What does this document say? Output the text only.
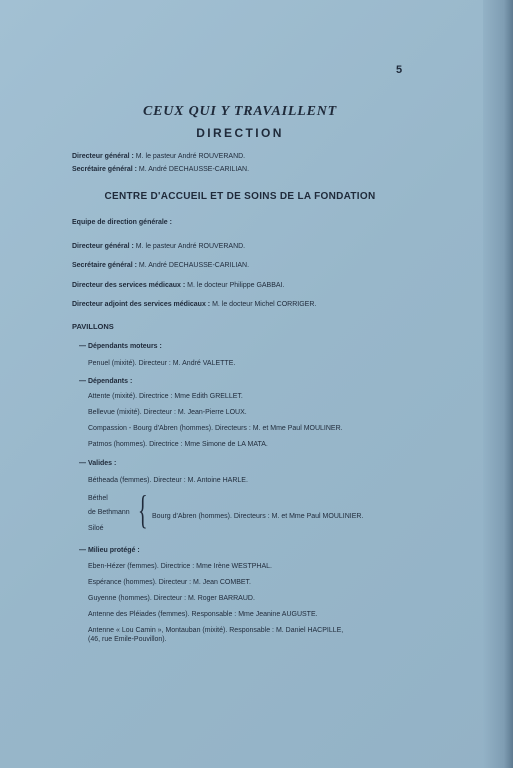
5
CEUX QUI Y TRAVAILLENT
DIRECTION
Directeur général : M. le pasteur André ROUVERAND.
Secrétaire général : M. André DECHAUSSE-CARILIAN.
CENTRE D'ACCUEIL ET DE SOINS DE LA FONDATION
Equipe de direction générale :
Directeur général : M. le pasteur André ROUVERAND.
Secrétaire général : M. André DECHAUSSE-CARILIAN.
Directeur des services médicaux : M. le docteur Philippe GABBAI.
Directeur adjoint des services médicaux : M. le docteur Michel CORRIGER.
PAVILLONS
— Dépendants moteurs :
Penuel (mixité). Directeur : M. André VALETTE.
— Dépendants :
Attente (mixité). Directrice : Mme Edith GRELLET.
Bellevue (mixité). Directeur : M. Jean-Pierre LOUX.
Compassion - Bourg d'Abren (hommes). Directeurs : M. et Mme Paul MOULINER.
Patmos (hommes). Directrice : Mme Simone de LA MATA.
— Valides :
Bétheada (femmes). Directeur : M. Antoine HARLE.
Béthel
de Bethmann
Siloé { Bourg d'Abren (hommes). Directeurs : M. et Mme Paul MOULINIER.
— Milieu protégé :
Eben-Hézer (femmes). Directrice : Mme Irène WESTPHAL.
Espérance (hommes). Directeur : M. Jean COMBET.
Guyenne (hommes). Directeur : M. Roger BARRAUD.
Antenne des Pléiades (femmes). Responsable : Mme Jeanine AUGUSTE.
Antenne « Lou Camin », Montauban (mixité). Responsable : M. Daniel HACPILLE,
(46, rue Emile-Pouvillon).
